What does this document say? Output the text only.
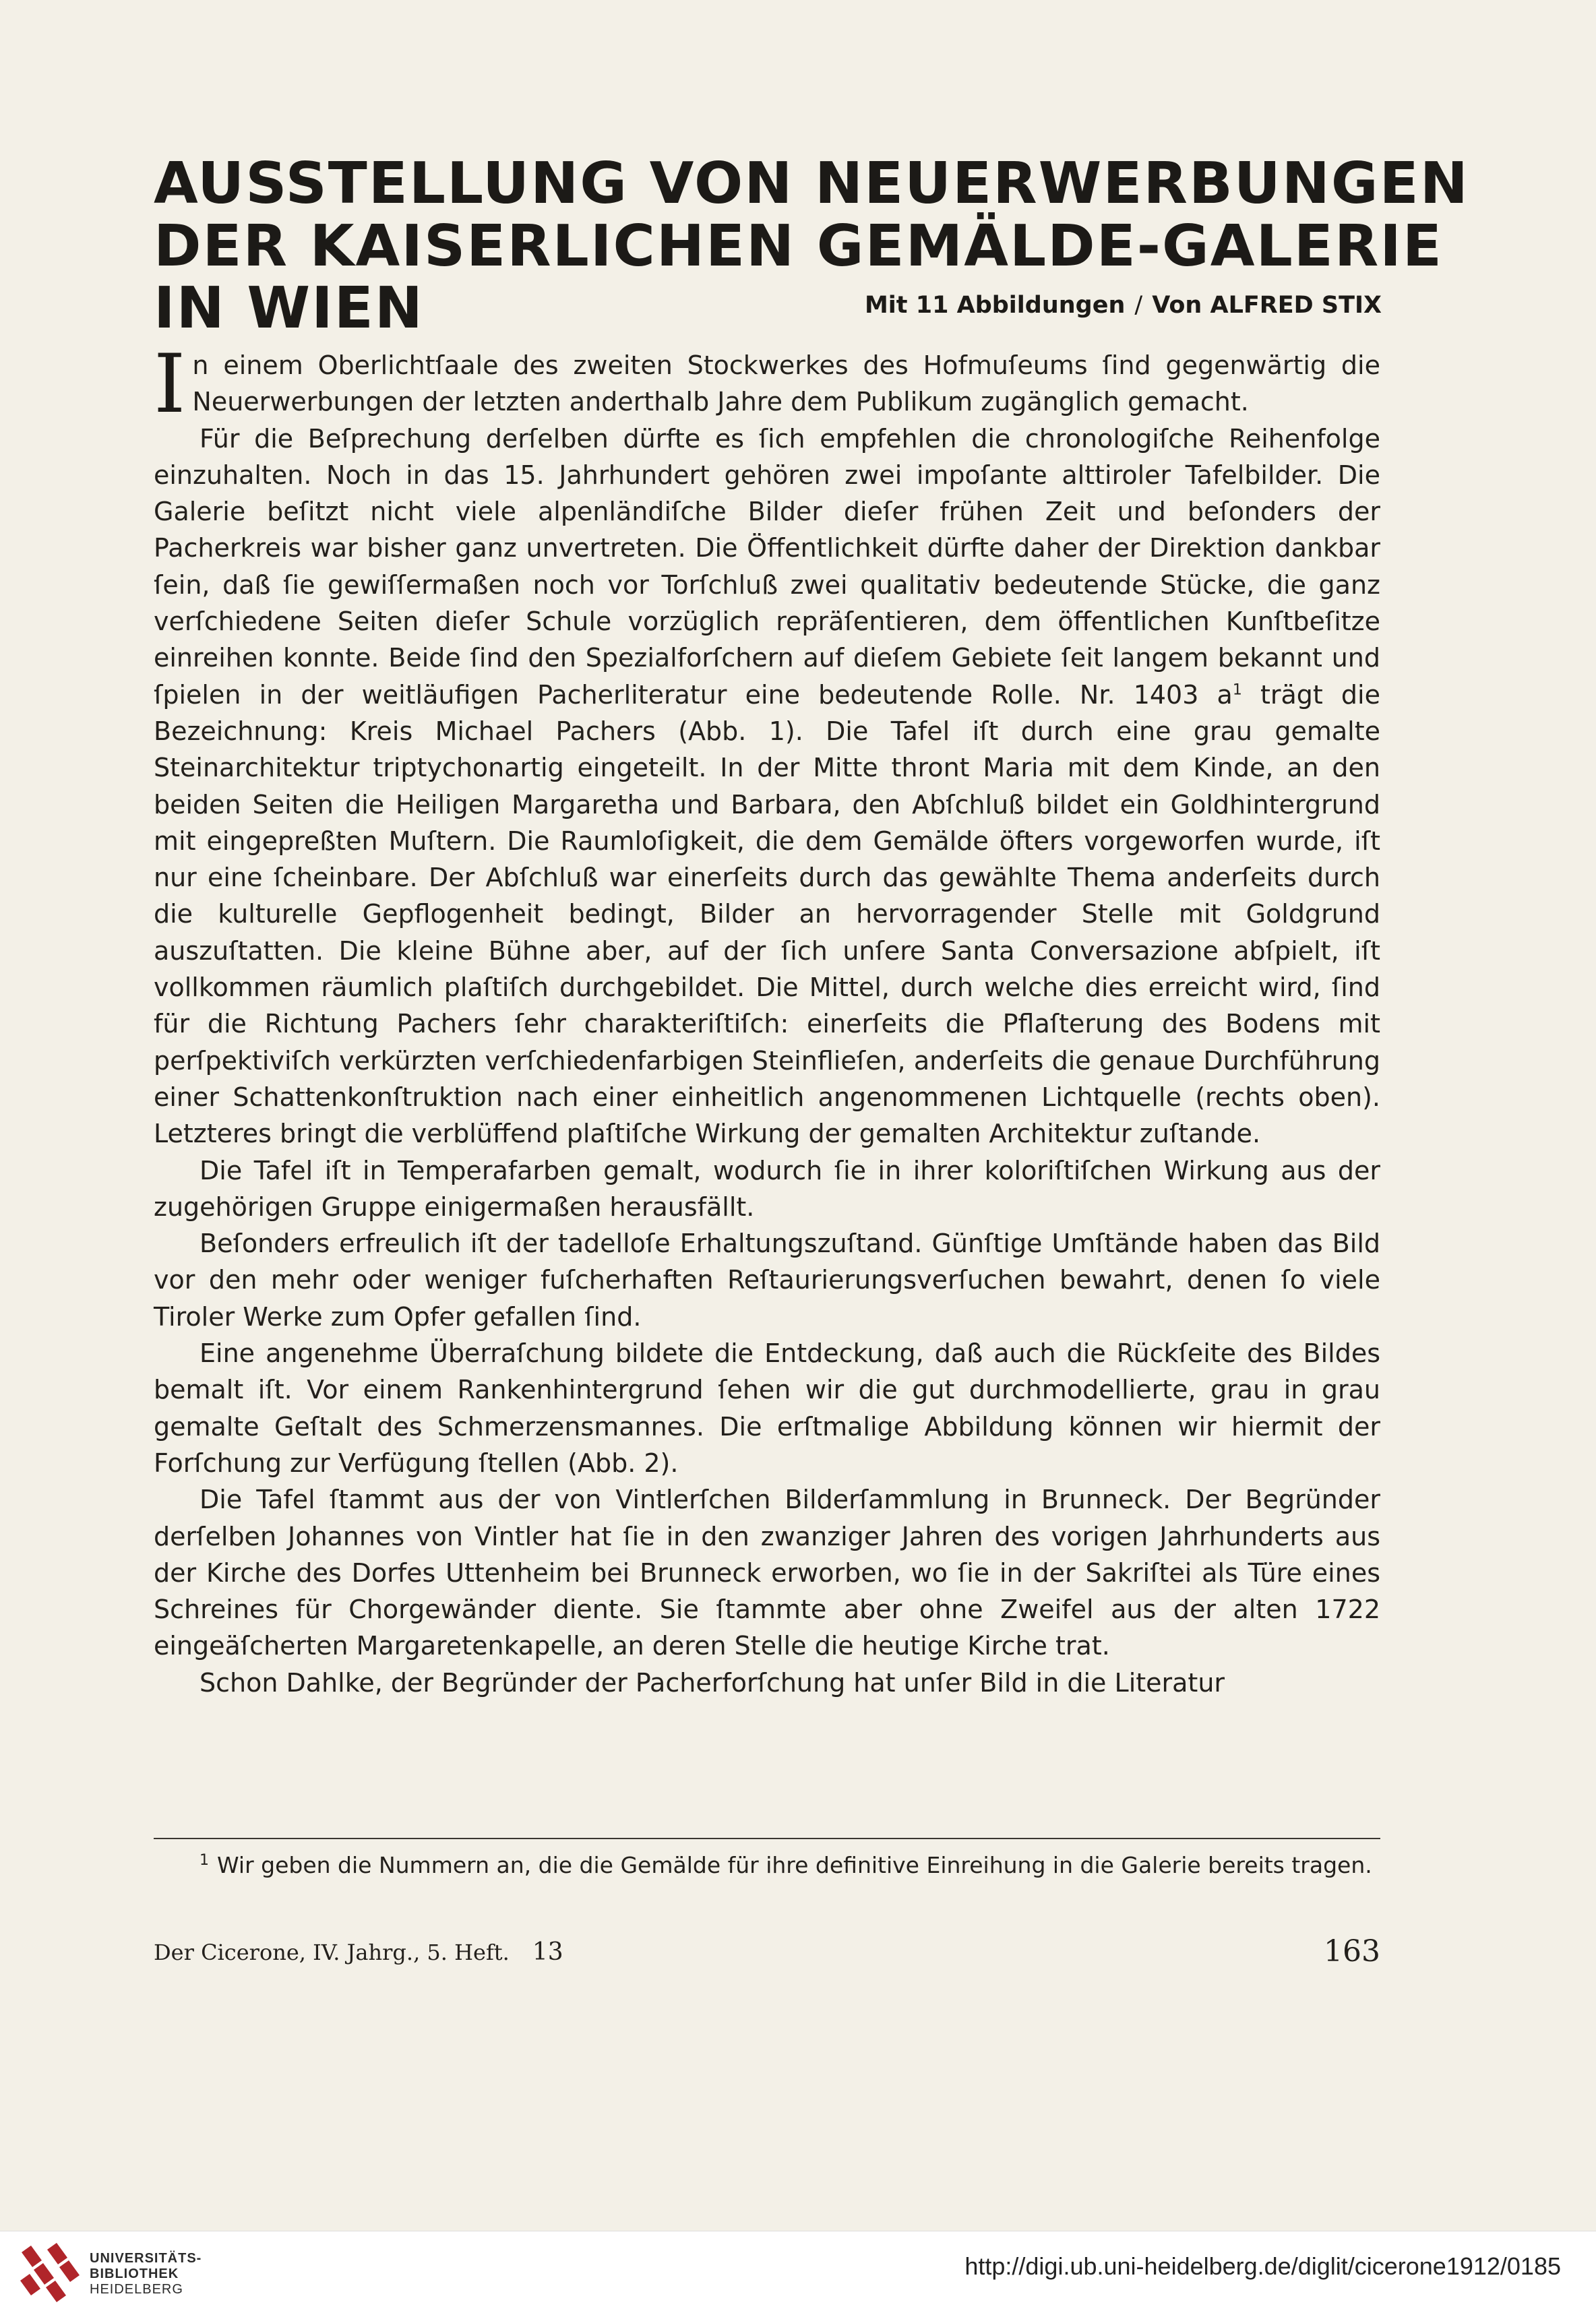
AUSSTELLUNG VON NEUERWERBUNGEN
DER KAISERLICHEN GEMÄLDE-GALERIE
IN WIEN	Mit 11 Abbildungen / Von ALFRED STIX

In einem Oberlichtſaale des zweiten Stockwerkes des Hofmuſeums ſind gegenwärtig die Neuerwerbungen der letzten anderthalb Jahre dem Publikum zugänglich gemacht.

Für die Beſprechung derſelben dürfte es ſich empfehlen die chronologiſche Reihenfolge einzuhalten. Noch in das 15. Jahrhundert gehören zwei impoſante alttiroler Tafelbilder. Die Galerie beſitzt nicht viele alpenländiſche Bilder dieſer frühen Zeit und beſonders der Pacherkreis war bisher ganz unvertreten. Die Öffentlichkeit dürfte daher der Direktion dankbar ſein, daß ſie gewiſſermaßen noch vor Torſchluß zwei qualitativ bedeutende Stücke, die ganz verſchiedene Seiten dieſer Schule vorzüglich repräſentieren, dem öffentlichen Kunſtbeſitze einreihen konnte. Beide ſind den Spezialforſchern auf dieſem Gebiete ſeit langem bekannt und ſpielen in der weitläufigen Pacherliteratur eine bedeutende Rolle. Nr. 1403 $a^1$ trägt die Bezeichnung: Kreis Michael Pachers (Abb. 1). Die Tafel iſt durch eine grau gemalte Steinarchitektur triptychonartig eingeteilt. In der Mitte thront Maria mit dem Kinde, an den beiden Seiten die Heiligen Margaretha und Barbara, den Abſchluß bildet ein Goldhintergrund mit eingepreßten Muſtern. Die Raumloſigkeit, die dem Gemälde öfters vorgeworfen wurde, iſt nur eine ſcheinbare. Der Abſchluß war einerſeits durch das gewählte Thema anderſeits durch die kulturelle Gepflogenheit bedingt, Bilder an hervorragender Stelle mit Goldgrund auszuſtatten. Die kleine Bühne aber, auf der ſich unſere Santa Conversazione abſpielt, iſt vollkommen räumlich plaſtiſch durchgebildet. Die Mittel, durch welche dies erreicht wird, ſind für die Richtung Pachers ſehr charakteriſtiſch: einerſeits die Pflaſterung des Bodens mit perſpektiviſch verkürzten verſchiedenfarbigen Steinflieſen, anderſeits die genaue Durchführung einer Schattenkonſtruktion nach einer einheitlich angenommenen Lichtquelle (rechts oben). Letzteres bringt die verblüffend plaſtiſche Wirkung der gemalten Architektur zuſtande.

Die Tafel iſt in Temperafarben gemalt, wodurch ſie in ihrer koloriſtiſchen Wirkung aus der zugehörigen Gruppe einigermaßen herausfällt.

Beſonders erfreulich iſt der tadelloſe Erhaltungszuſtand. Günſtige Umſtände haben das Bild vor den mehr oder weniger fuſcherhaften Reſtaurierungsverſuchen bewahrt, denen ſo viele Tiroler Werke zum Opfer gefallen ſind.

Eine angenehme Überraſchung bildete die Entdeckung, daß auch die Rückſeite des Bildes bemalt iſt. Vor einem Rankenhintergrund ſehen wir die gut durchmodellierte, grau in grau gemalte Geſtalt des Schmerzensmannes. Die erſtmalige Abbildung können wir hiermit der Forſchung zur Verfügung ſtellen (Abb. 2).

Die Tafel ſtammt aus der von Vintlerſchen Bilderſammlung in Brunneck. Der Begründer derſelben Johannes von Vintler hat ſie in den zwanziger Jahren des vorigen Jahrhunderts aus der Kirche des Dorfes Uttenheim bei Brunneck erworben, wo ſie in der Sakriſtei als Türe eines Schreines für Chorgewänder diente. Sie ſtammte aber ohne Zweifel aus der alten 1722 eingeäſcherten Margaretenkapelle, an deren Stelle die heutige Kirche trat.

Schon Dahlke, der Begründer der Pacherforſchung hat unſer Bild in die Literatur

$^1$ Wir geben die Nummern an, die die Gemälde für ihre definitive Einreihung in die Galerie bereits tragen.
Der Cicerone, IV. Jahrg., 5. Heft. 13	163
UNIVERSITÄTS-
BIBLIOTHEK
HEIDELBERG
http://digi.ub.uni-heidelberg.de/diglit/cicerone1912/0185
